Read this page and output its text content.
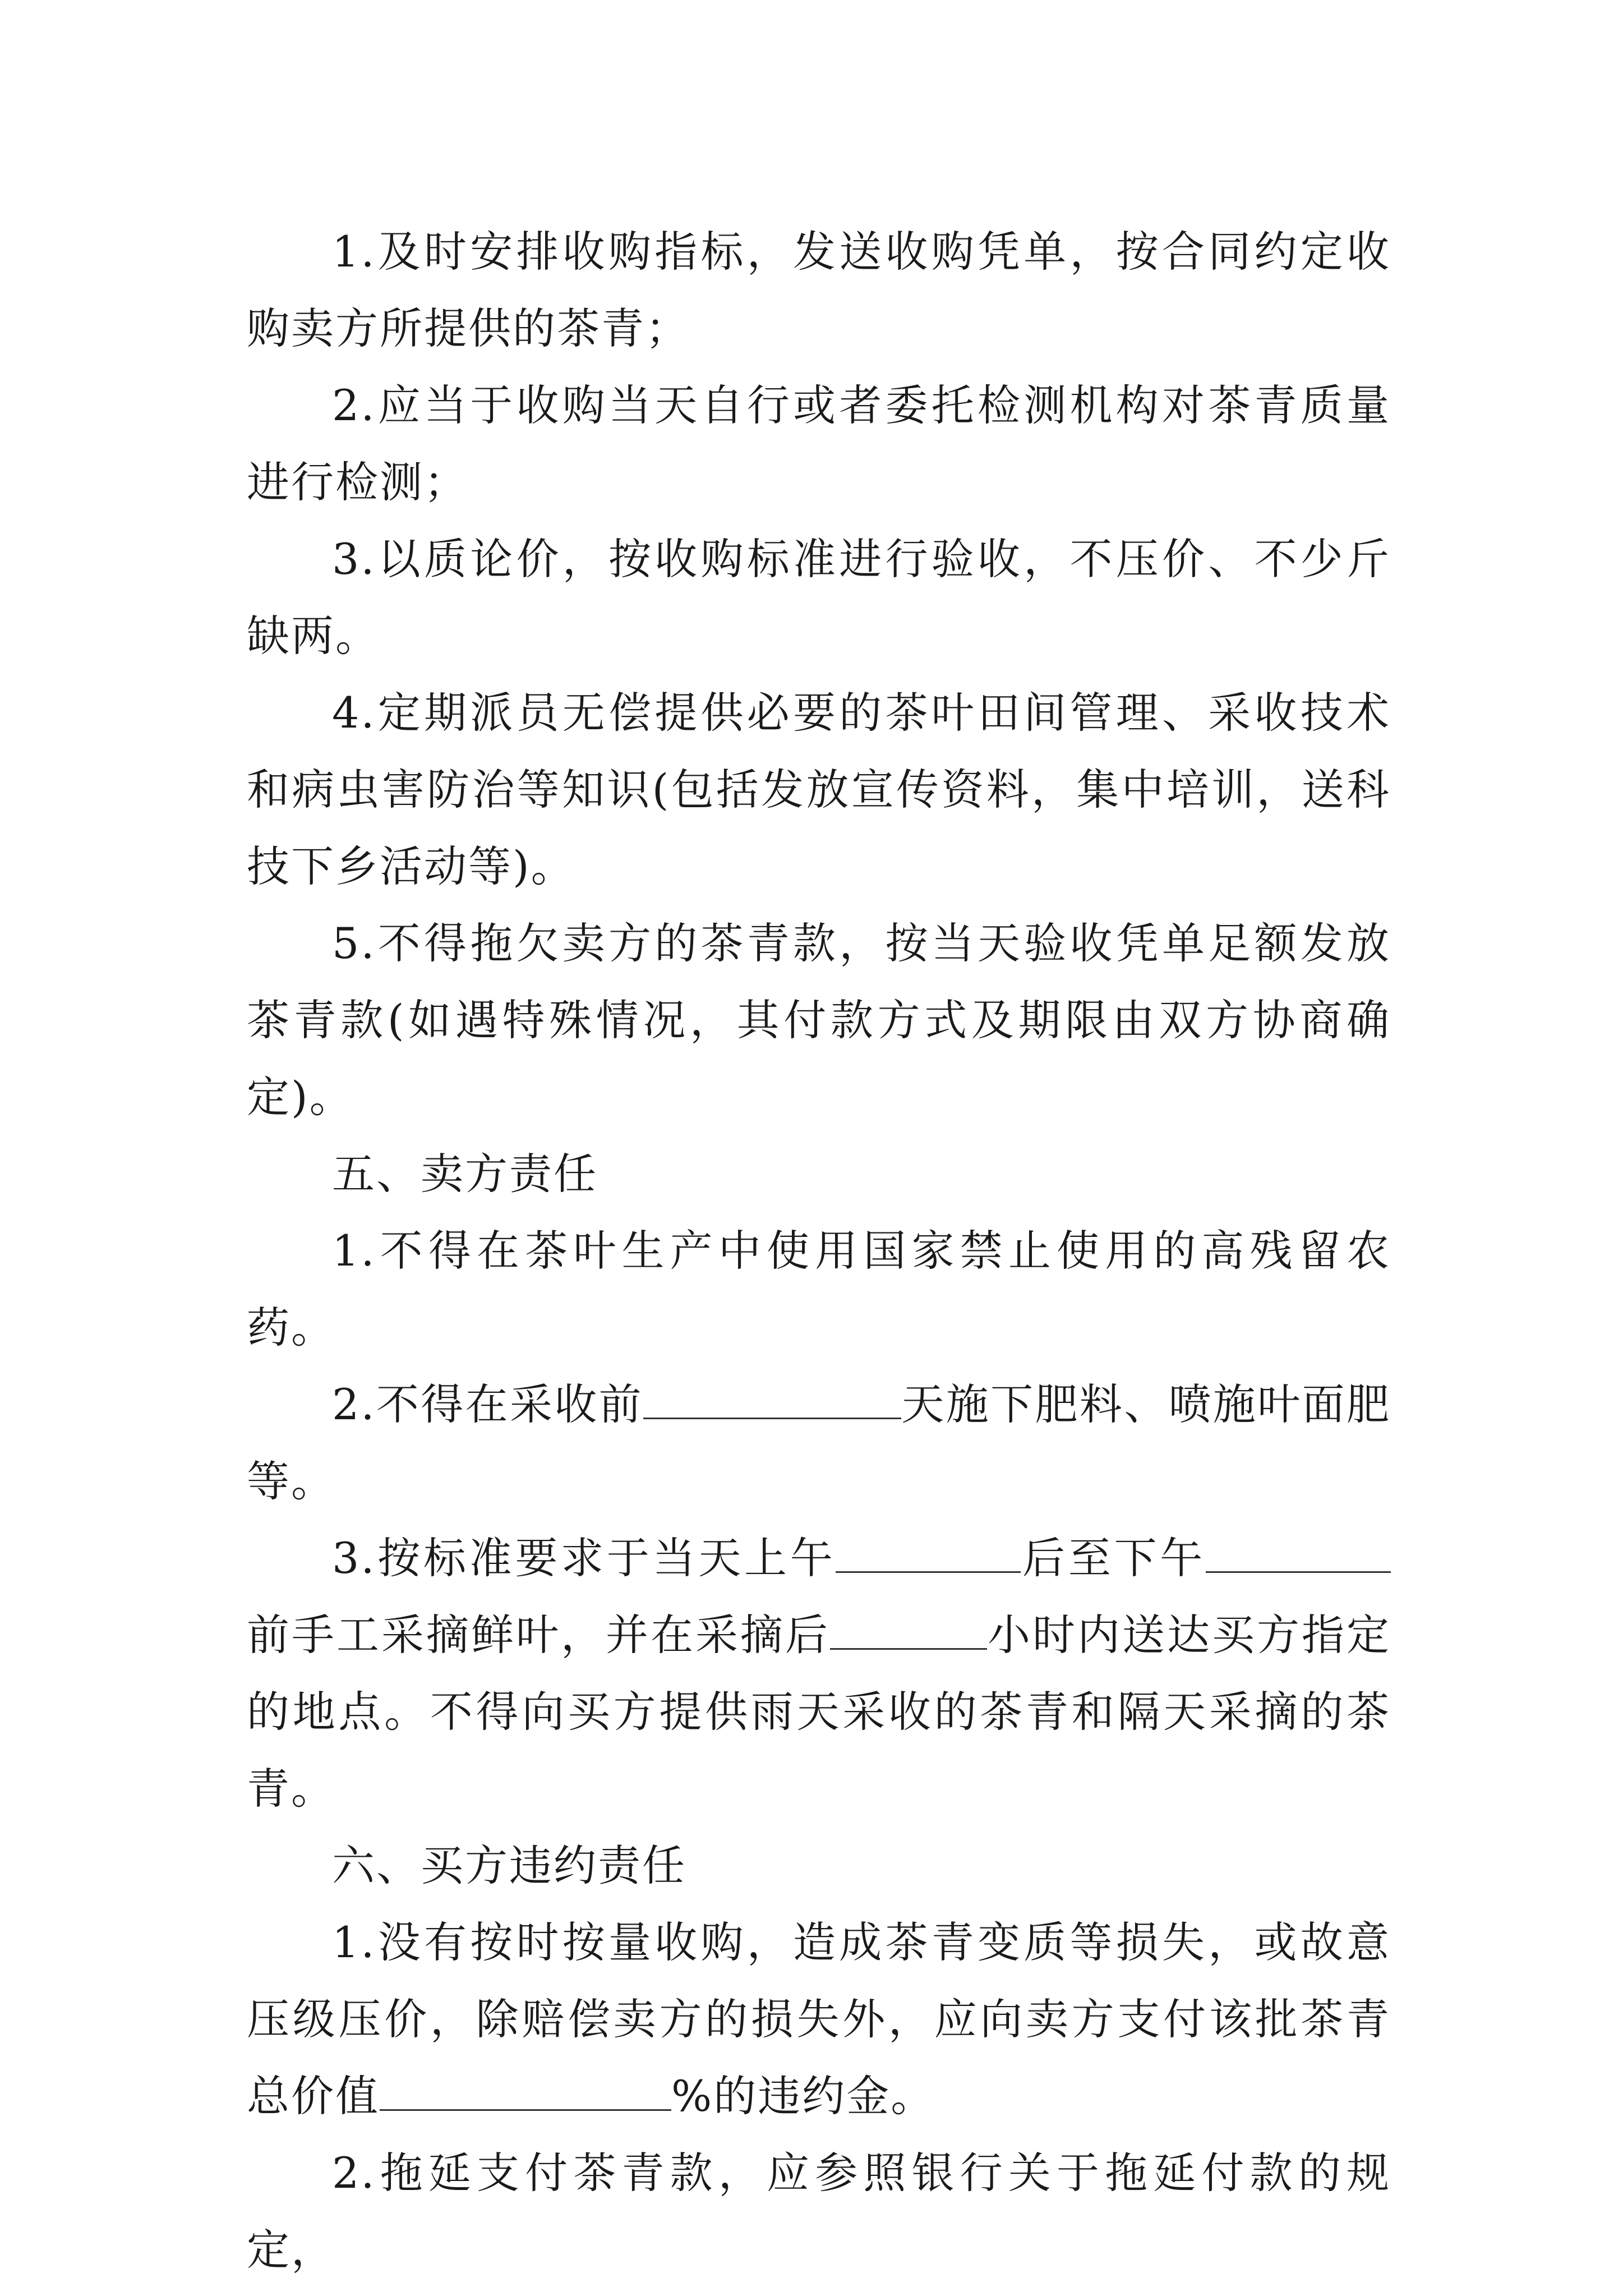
1.及时安排收购指标，发送收购凭单，按合同约定收购卖方所提供的茶青；

2.应当于收购当天自行或者委托检测机构对茶青质量进行检测；

3.以质论价，按收购标准进行验收，不压价、不少斤缺两。

4.定期派员无偿提供必要的茶叶田间管理、采收技术和病虫害防治等知识(包括发放宣传资料，集中培训，送科技下乡活动等)。

5.不得拖欠卖方的茶青款，按当天验收凭单足额发放茶青款(如遇特殊情况，其付款方式及期限由双方协商确定)。

五、卖方责任

1.不得在茶叶生产中使用国家禁止使用的高残留农药。

2.不得在采收前	天施下肥料、喷施叶面肥等。

3.按标准要求于当天上午	后至下午前手工采摘鲜叶，并在采摘后	小时内送达买方指定的地点。不得向买方提供雨天采收的茶青和隔天采摘的茶青。

六、买方违约责任

1.没有按时按量收购，造成茶青变质等损失，或故意压级压价，除赔偿卖方的损失外，应向卖方支付该批茶青总价值	%的违约金。

2.拖延支付茶青款，应参照银行关于拖延付款的规定，
